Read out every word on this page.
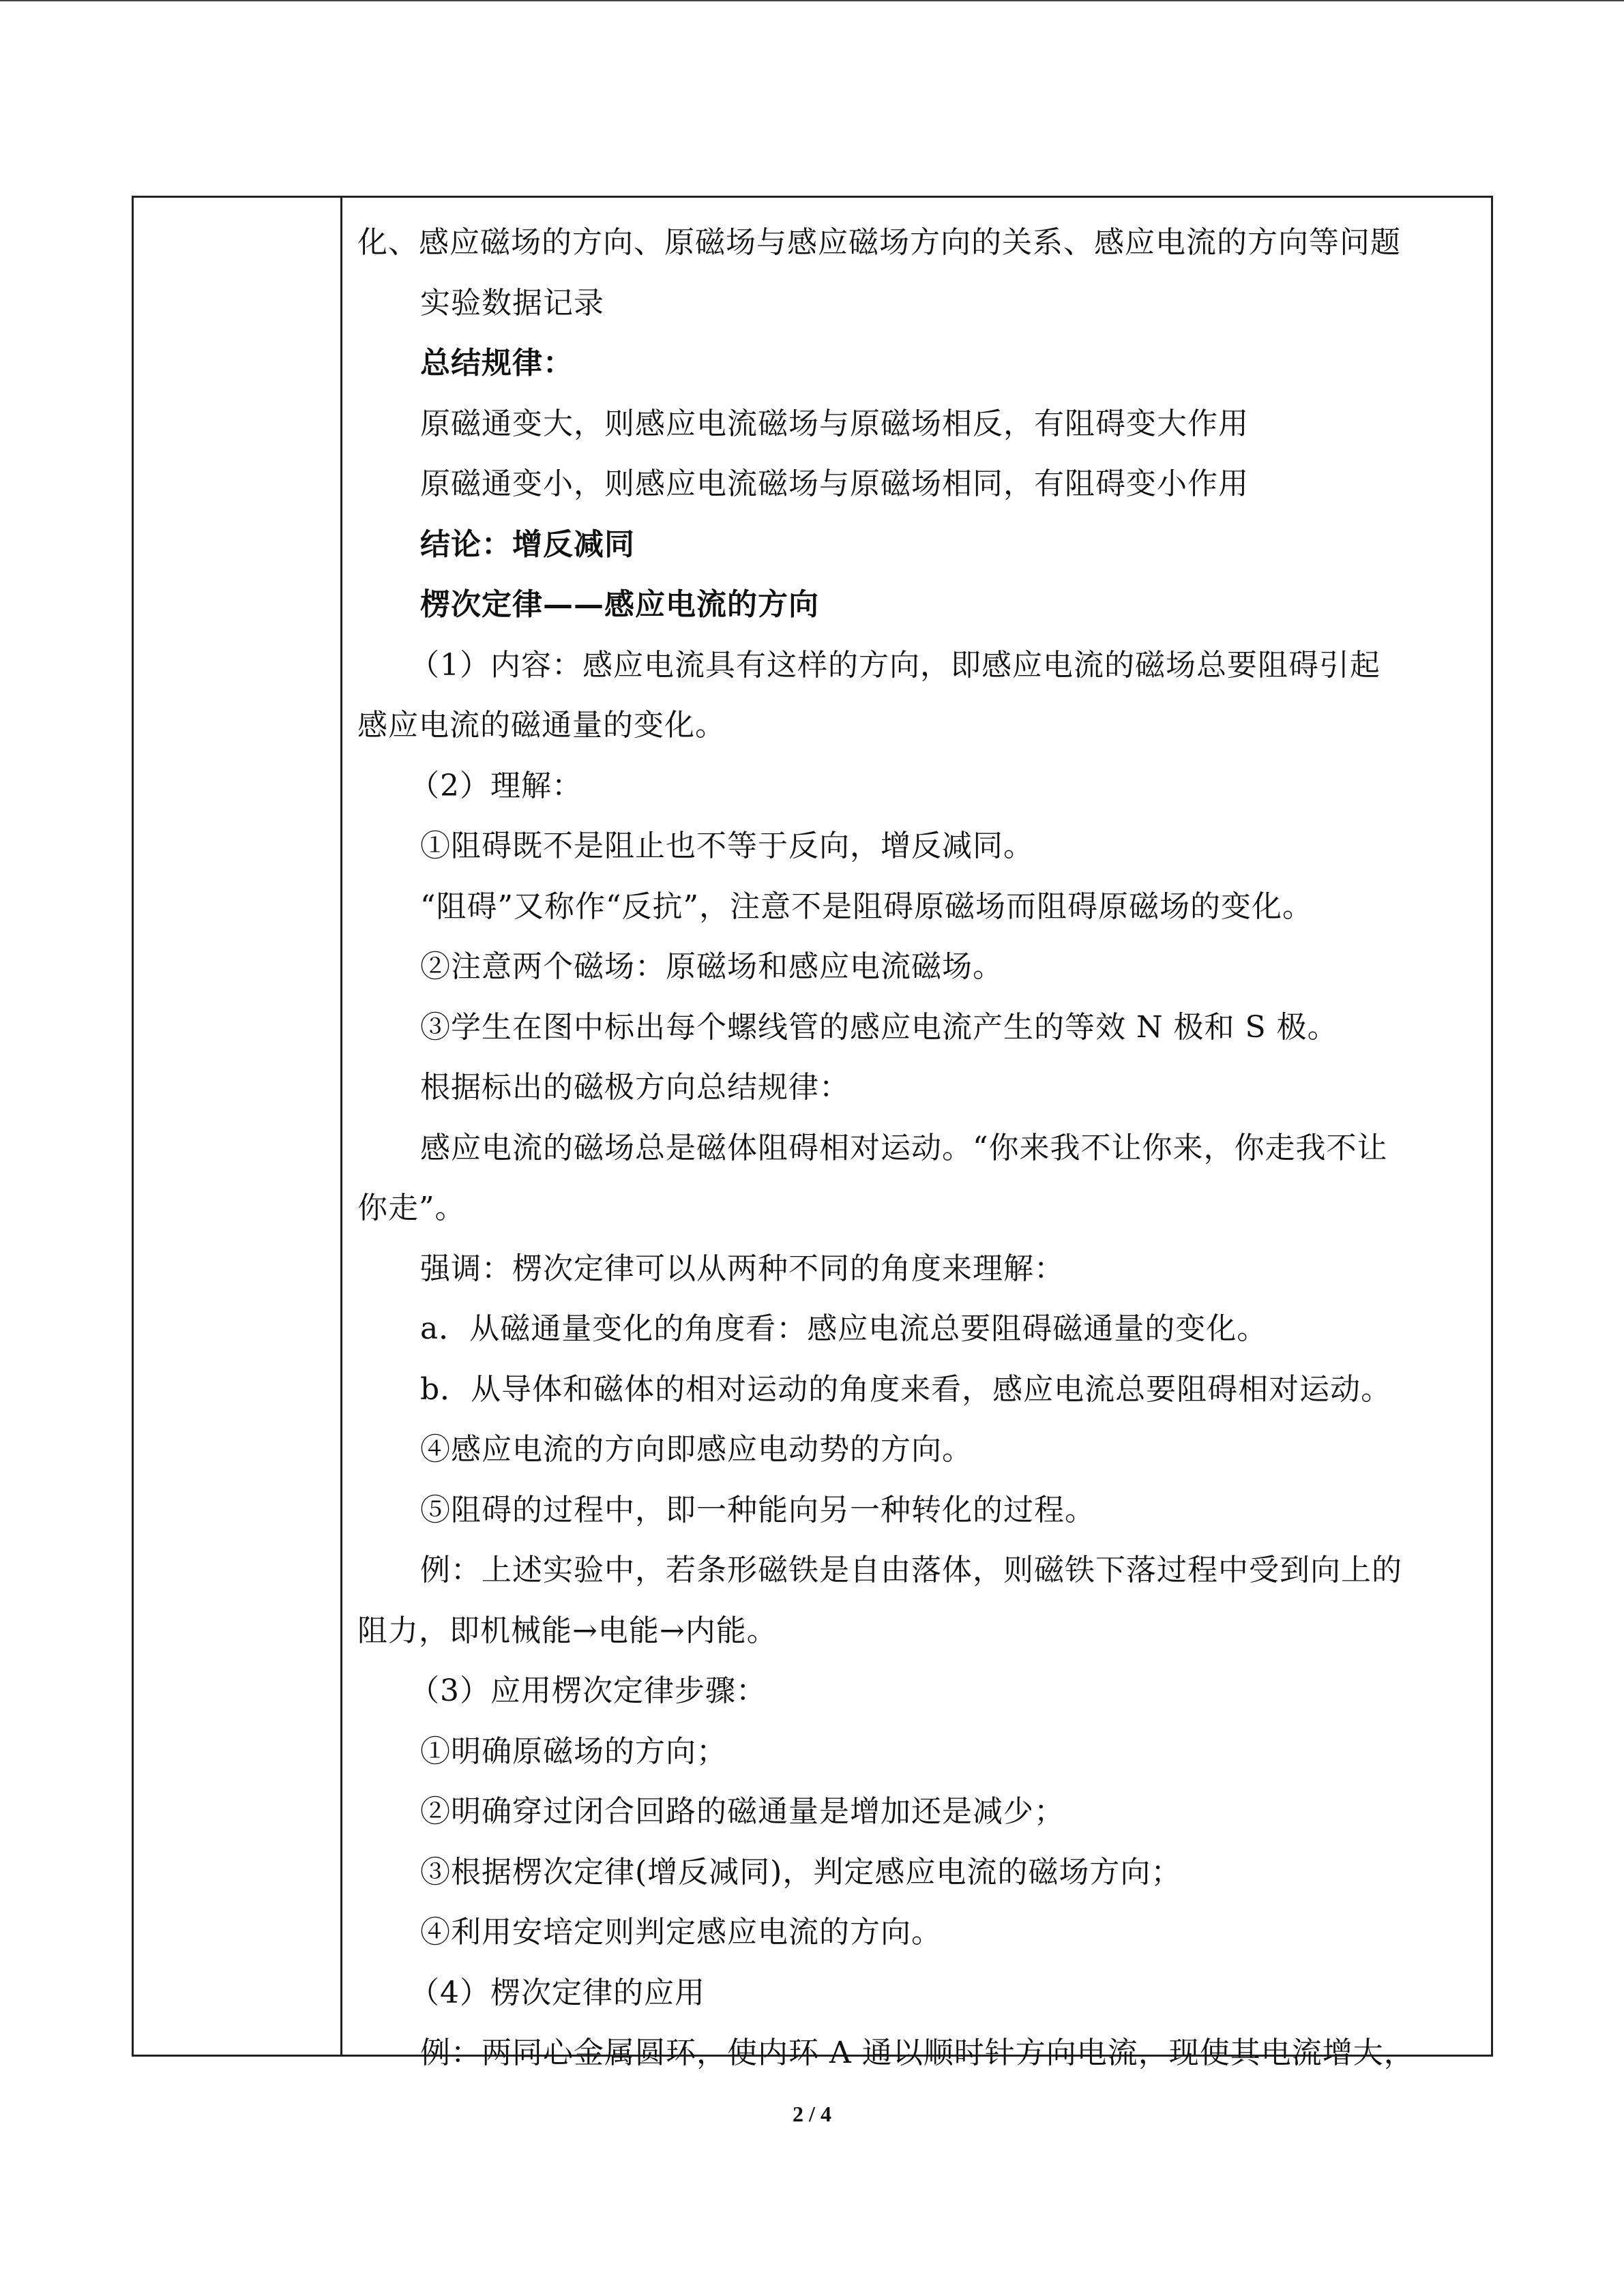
化、感应磁场的方向、原磁场与感应磁场方向的关系、感应电流的方向等问题
实验数据记录
总结规律：
原磁通变大，则感应电流磁场与原磁场相反，有阻碍变大作用
原磁通变小，则感应电流磁场与原磁场相同，有阻碍变小作用
结论：增反减同
楞次定律——感应电流的方向
（1）内容：感应电流具有这样的方向，即感应电流的磁场总要阻碍引起
感应电流的磁通量的变化。
（2）理解：
①阻碍既不是阻止也不等于反向，增反减同。
“阻碍”又称作“反抗”，注意不是阻碍原磁场而阻碍原磁场的变化。
②注意两个磁场：原磁场和感应电流磁场。
③学生在图中标出每个螺线管的感应电流产生的等效 N 极和 S 极。
根据标出的磁极方向总结规律：
感应电流的磁场总是磁体阻碍相对运动。“你来我不让你来，你走我不让
你走”。
强调：楞次定律可以从两种不同的角度来理解：
a．从磁通量变化的角度看：感应电流总要阻碍磁通量的变化。
b．从导体和磁体的相对运动的角度来看，感应电流总要阻碍相对运动。
④感应电流的方向即感应电动势的方向。
⑤阻碍的过程中，即一种能向另一种转化的过程。
例：上述实验中，若条形磁铁是自由落体，则磁铁下落过程中受到向上的
阻力，即机械能→电能→内能。
（3）应用楞次定律步骤：
①明确原磁场的方向；
②明确穿过闭合回路的磁通量是增加还是减少；
③根据楞次定律(增反减同)，判定感应电流的磁场方向；
④利用安培定则判定感应电流的方向。
（4）楞次定律的应用
例：两同心金属圆环，使内环 A 通以顺时针方向电流，现使其电流增大，
2 / 4
